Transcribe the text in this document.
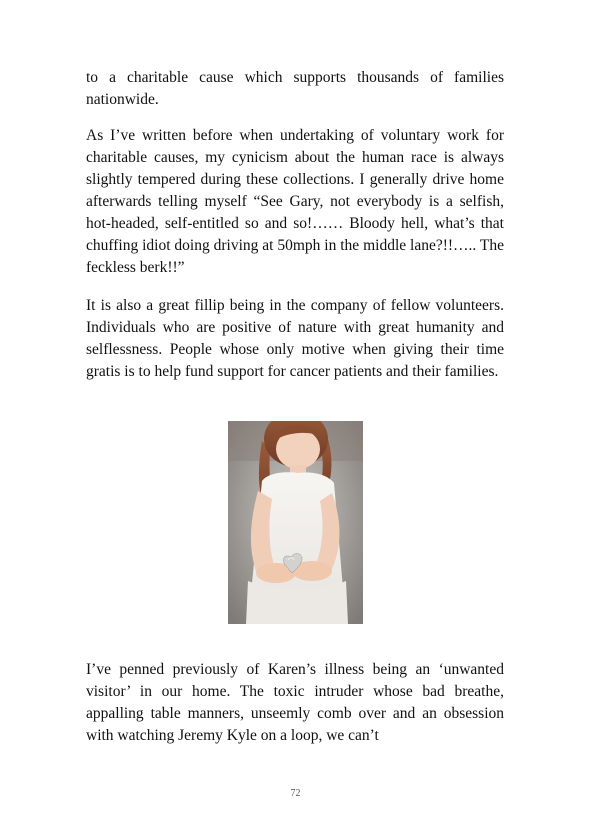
to a charitable cause which supports thousands of families nationwide.

As I’ve written before when undertaking of voluntary work for charitable causes, my cynicism about the human race is always slightly tempered during these collections. I generally drive home afterwards telling myself “See Gary, not everybody is a selfish, hot-headed, self-entitled so and so!…… Bloody hell, what’s that chuffing idiot doing driving at 50mph in the middle lane?!!….. The feckless berk!!”

It is also a great fillip being in the company of fellow volunteers. Individuals who are positive of nature with great humanity and selflessness. People whose only motive when giving their time gratis is to help fund support for cancer patients and their families.

I’ve penned previously of Karen’s illness being an ‘unwanted visitor’ in our home. The toxic intruder whose bad breathe, appalling table manners, unseemly comb over and an obsession with watching Jeremy Kyle on a loop, we can’t

72
